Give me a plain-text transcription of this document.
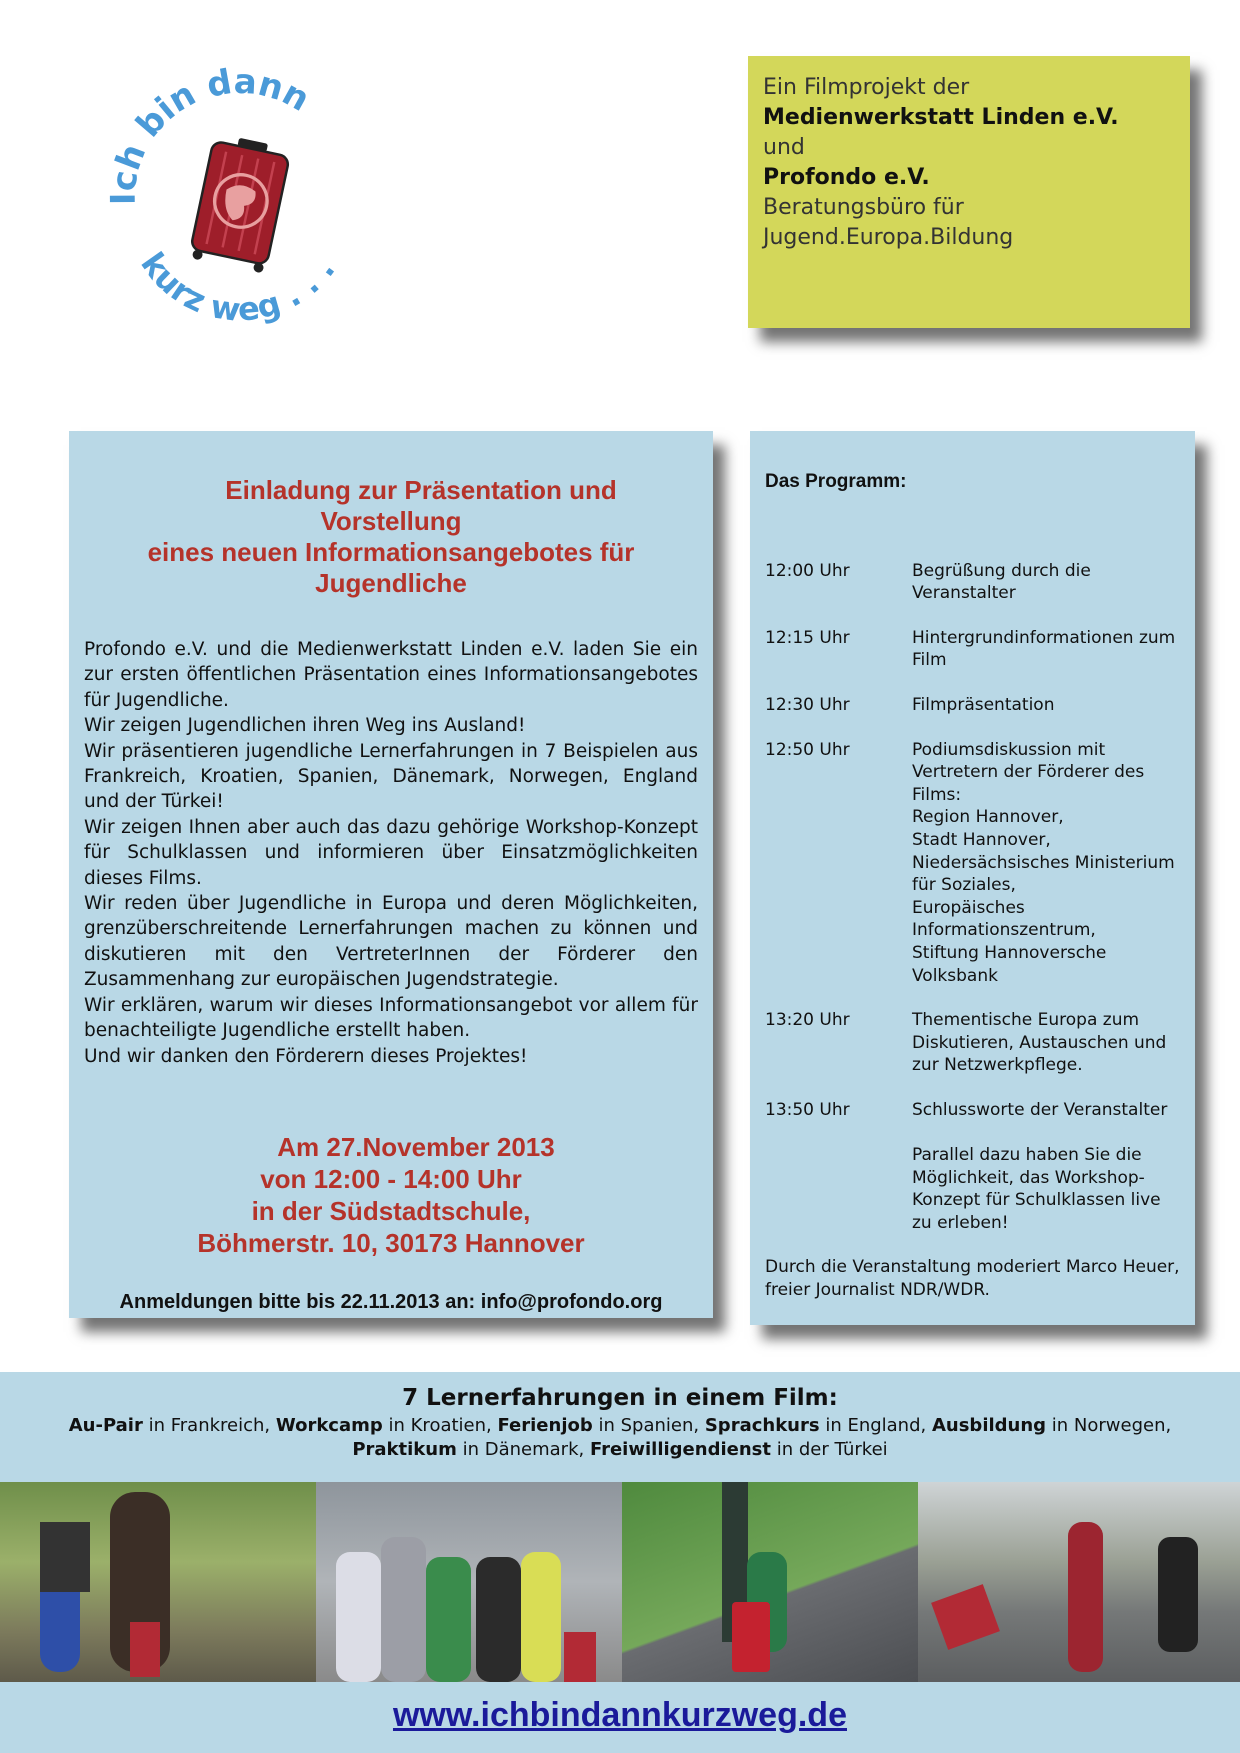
Ich bin dann
kurz weg . . .
Ein Filmprojekt der
Medienwerkstatt Linden e.V.
und
Profondo e.V.
Beratungsbüro für
Jugend.Europa.Bildung
Einladung zur Präsentation und
Vorstellung
eines neuen Informationsangebotes für
Jugendliche

Profondo e.V. und die Medienwerkstatt Linden e.V. laden Sie ein zur ersten öffentlichen Präsentation eines Informationsangebotes für Jugendliche.

Wir zeigen Jugendlichen ihren Weg ins Ausland!

Wir präsentieren jugendliche Lernerfahrungen in 7 Beispielen aus Frankreich, Kroatien, Spanien, Dänemark, Norwegen, England und der Türkei!

Wir zeigen Ihnen aber auch das dazu gehörige Workshop-Konzept für Schulklassen und informieren über Einsatzmöglichkeiten dieses Films.

Wir reden über Jugendliche in Europa und deren Möglichkeiten, grenzüberschreitende Lernerfahrungen machen zu können und diskutieren mit den VertreterInnen der Förderer den Zusammenhang zur europäischen Jugendstrategie.

Wir erklären, warum wir dieses Informationsangebot vor allem für benachteiligte Jugendliche erstellt haben.

Und wir danken den Förderern dieses Projektes!

Am 27.November 2013
von 12:00 - 14:00 Uhr
in der Südstadtschule,
Böhmerstr. 10, 30173 Hannover
Anmeldungen bitte bis 22.11.2013 an: info@profondo.org
Das Programm:
12:00 Uhr	Begrüßung durch die Veranstalter
12:15 Uhr	Hintergrundinformationen zum Film
12:30 Uhr	Filmpräsentation
12:50 Uhr	Podiumsdiskussion mit Vertretern der Förderer des Films:
Region Hannover,
Stadt Hannover,
Niedersächsisches Ministerium für Soziales,
Europäisches Informationszentrum,
Stiftung Hannoversche Volksbank
13:20 Uhr	Thementische Europa zum Diskutieren, Austauschen und zur Netzwerkpflege.
13:50 Uhr	Schlussworte der Veranstalter

Parallel dazu haben Sie die Möglichkeit, das Workshop-Konzept für Schulklassen live zu erleben!
Durch die Veranstaltung moderiert Marco Heuer, freier Journalist NDR/WDR.
7 Lernerfahrungen in einem Film:
Au-Pair in Frankreich, Workcamp in Kroatien, Ferienjob in Spanien, Sprachkurs in England, Ausbildung in Norwegen,
Praktikum in Dänemark, Freiwilligendienst in der Türkei
www.ichbindannkurzweg.de
